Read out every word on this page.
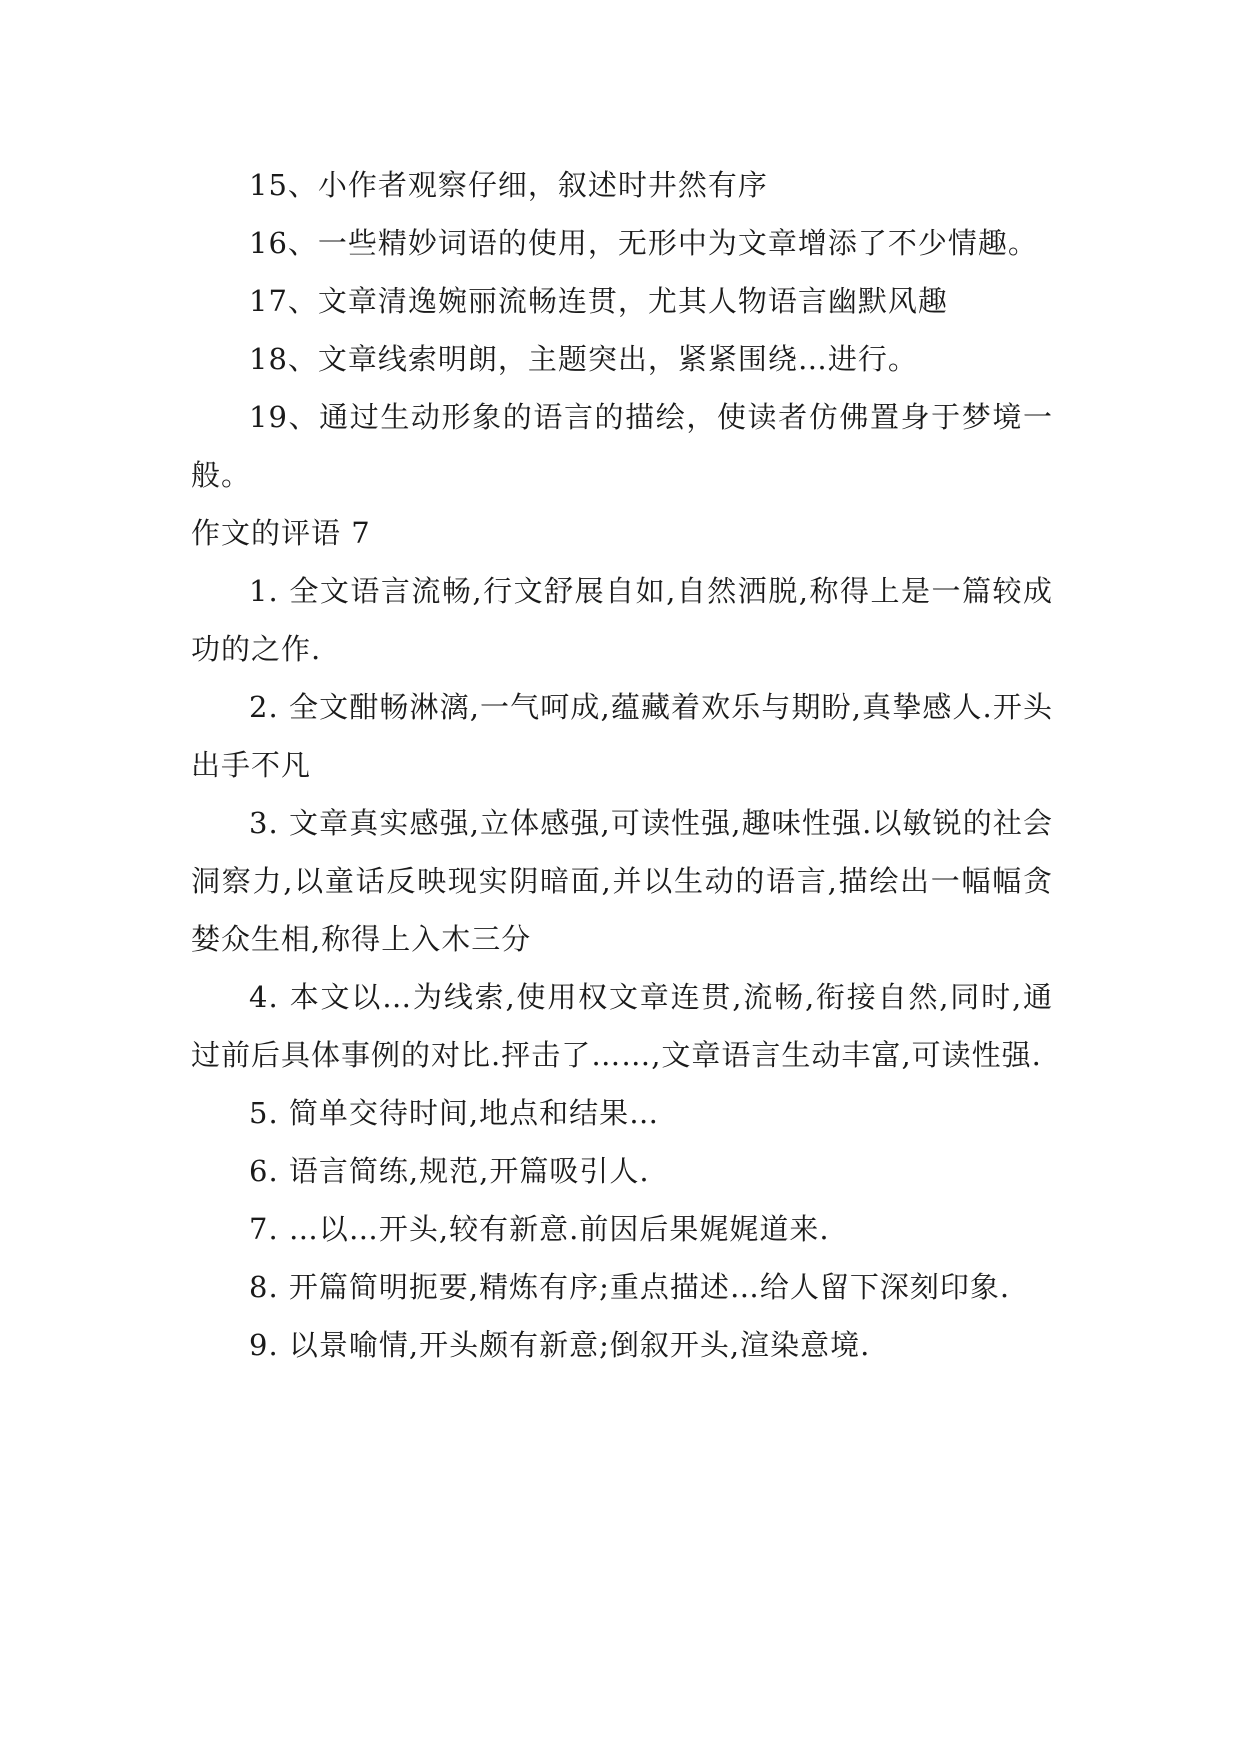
15、小作者观察仔细，叙述时井然有序

16、一些精妙词语的使用，无形中为文章增添了不少情趣。

17、文章清逸婉丽流畅连贯，尤其人物语言幽默风趣

18、文章线索明朗，主题突出，紧紧围绕…进行。

19、通过生动形象的语言的描绘，使读者仿佛置身于梦境一般。

作文的评语 7

1. 全文语言流畅,行文舒展自如,自然洒脱,称得上是一篇较成功的之作.

2. 全文酣畅淋漓,一气呵成,蕴藏着欢乐与期盼,真挚感人.开头出手不凡

3. 文章真实感强,立体感强,可读性强,趣味性强.以敏锐的社会洞察力,以童话反映现实阴暗面,并以生动的语言,描绘出一幅幅贪婪众生相,称得上入木三分

4. 本文以…为线索,使用权文章连贯,流畅,衔接自然,同时,通过前后具体事例的对比.抨击了……,文章语言生动丰富,可读性强.

5. 简单交待时间,地点和结果…

6. 语言简练,规范,开篇吸引人.

7. …以…开头,较有新意.前因后果娓娓道来.

8. 开篇简明扼要,精炼有序;重点描述…给人留下深刻印象.

9. 以景喻情,开头颇有新意;倒叙开头,渲染意境.
